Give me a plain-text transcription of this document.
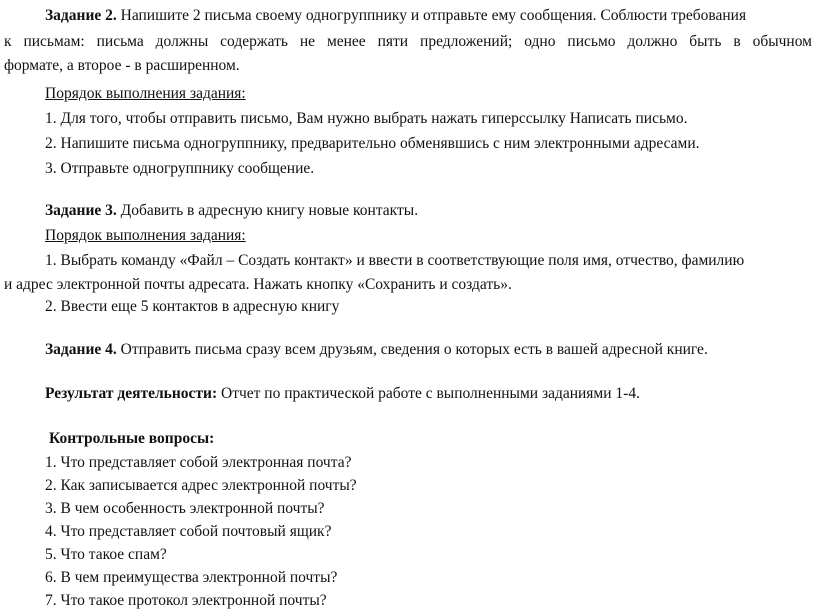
Задание 2. Напишите 2 письма своему одногруппнику и отправьте ему сообщения. Соблюсти требования
к письмам: письма должны содержать не менее пяти предложений; одно письмо должно быть в обычном
формате, а второе - в расширенном.
Порядок выполнения задания:
1. Для того, чтобы отправить письмо, Вам нужно выбрать нажать гиперссылку Написать письмо.
2. Напишите письма одногруппнику, предварительно обменявшись с ним электронными адресами.
3. Отправьте одногруппнику сообщение.
Задание 3. Добавить в адресную книгу новые контакты.
Порядок выполнения задания:
1. Выбрать команду «Файл – Создать контакт» и ввести в соответствующие поля имя, отчество, фамилию
и адрес электронной почты адресата. Нажать кнопку «Сохранить и создать».
2. Ввести еще 5 контактов в адресную книгу
Задание 4. Отправить письма сразу всем друзьям, сведения о которых есть в вашей адресной книге.
Результат деятельности: Отчет по практической работе с выполненными заданиями 1-4.
Контрольные вопросы:
1. Что представляет собой электронная почта?
2. Как записывается адрес электронной почты?
3. В чем особенность электронной почты?
4. Что представляет собой почтовый ящик?
5. Что такое спам?
6. В чем преимущества электронной почты?
7. Что такое протокол электронной почты?
